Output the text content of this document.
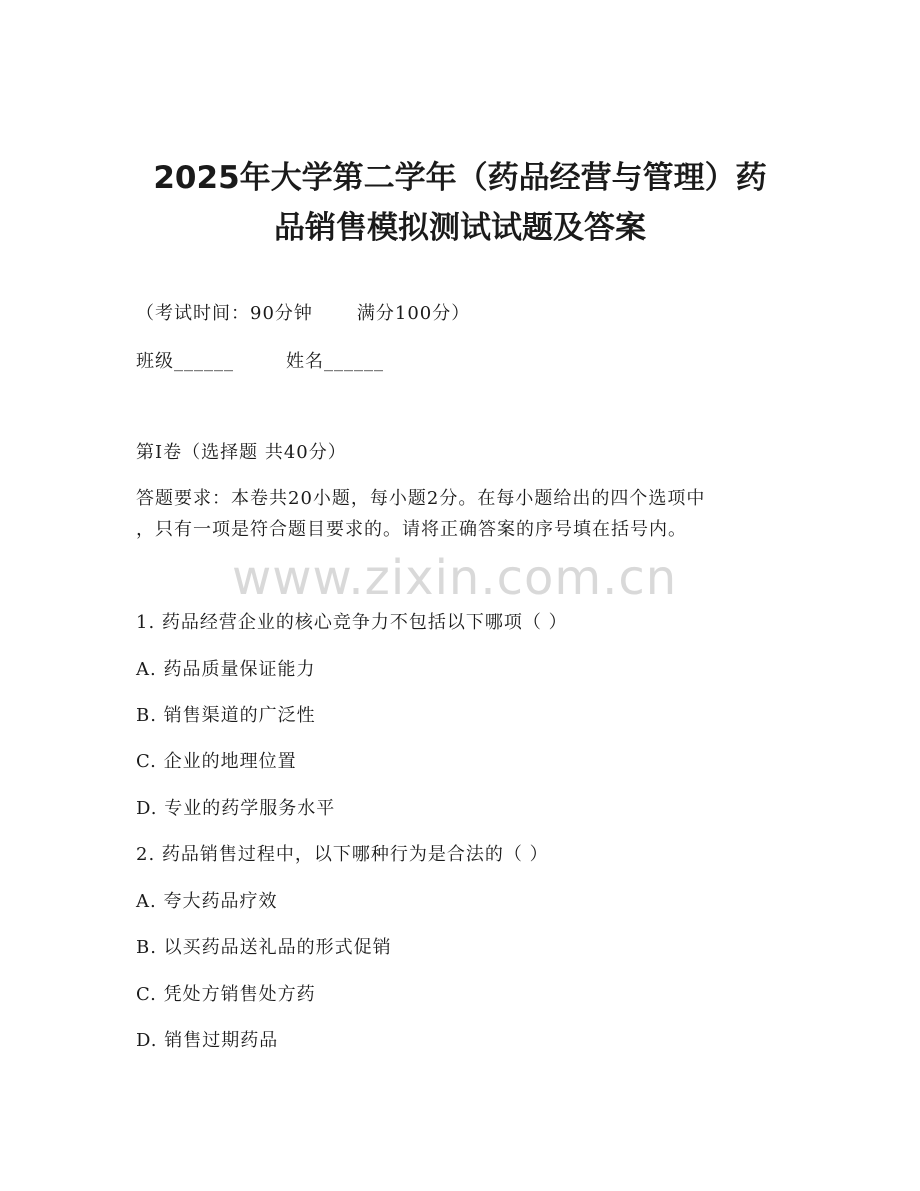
2025年大学第二学年（药品经营与管理）药
品销售模拟测试试题及答案
（考试时间：90分钟 满分100分）
班级______	姓名______
第I卷（选择题 共40分）
答题要求：本卷共20小题，每小题2分。在每小题给出的四个选项中
，只有一项是符合题目要求的。请将正确答案的序号填在括号内。
www.zixin.com.cn
1. 药品经营企业的核心竞争力不包括以下哪项（ ）
A. 药品质量保证能力
B. 销售渠道的广泛性
C. 企业的地理位置
D. 专业的药学服务水平
2. 药品销售过程中，以下哪种行为是合法的（ ）
A. 夸大药品疗效
B. 以买药品送礼品的形式促销
C. 凭处方销售处方药
D. 销售过期药品
